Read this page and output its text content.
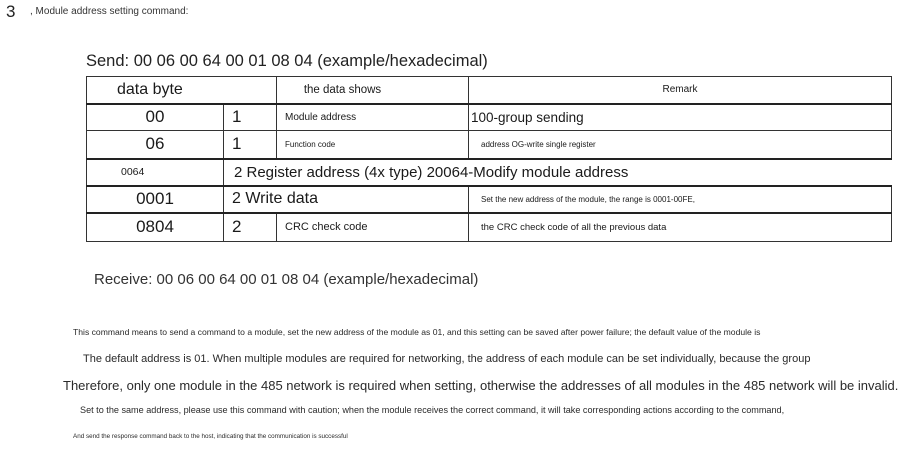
3 , Module address setting command:
Send: 00 06 00 64 00 01 08 04 (example/hexadecimal)
data byte		the data shows	Remark
00	1	Module address	100-group sending
06	1	Function code	address OG-write single register
0064	2 Register address (4x type) 20064-Modify module address		
0001	2 Write data		Set the new address of the module, the range is 0001-00FE,
0804	2	CRC check code	the CRC check code of all the previous data
Receive: 00 06 00 64 00 01 08 04 (example/hexadecimal)
This command means to send a command to a module, set the new address of the module as 01, and this setting can be saved after power failure; the default value of the module is
The default address is 01. When multiple modules are required for networking, the address of each module can be set individually, because the group
Therefore, only one module in the 485 network is required when setting, otherwise the addresses of all modules in the 485 network will be invalid.
Set to the same address, please use this command with caution; when the module receives the correct command, it will take corresponding actions according to the command,
And send the response command back to the host, indicating that the communication is successful
